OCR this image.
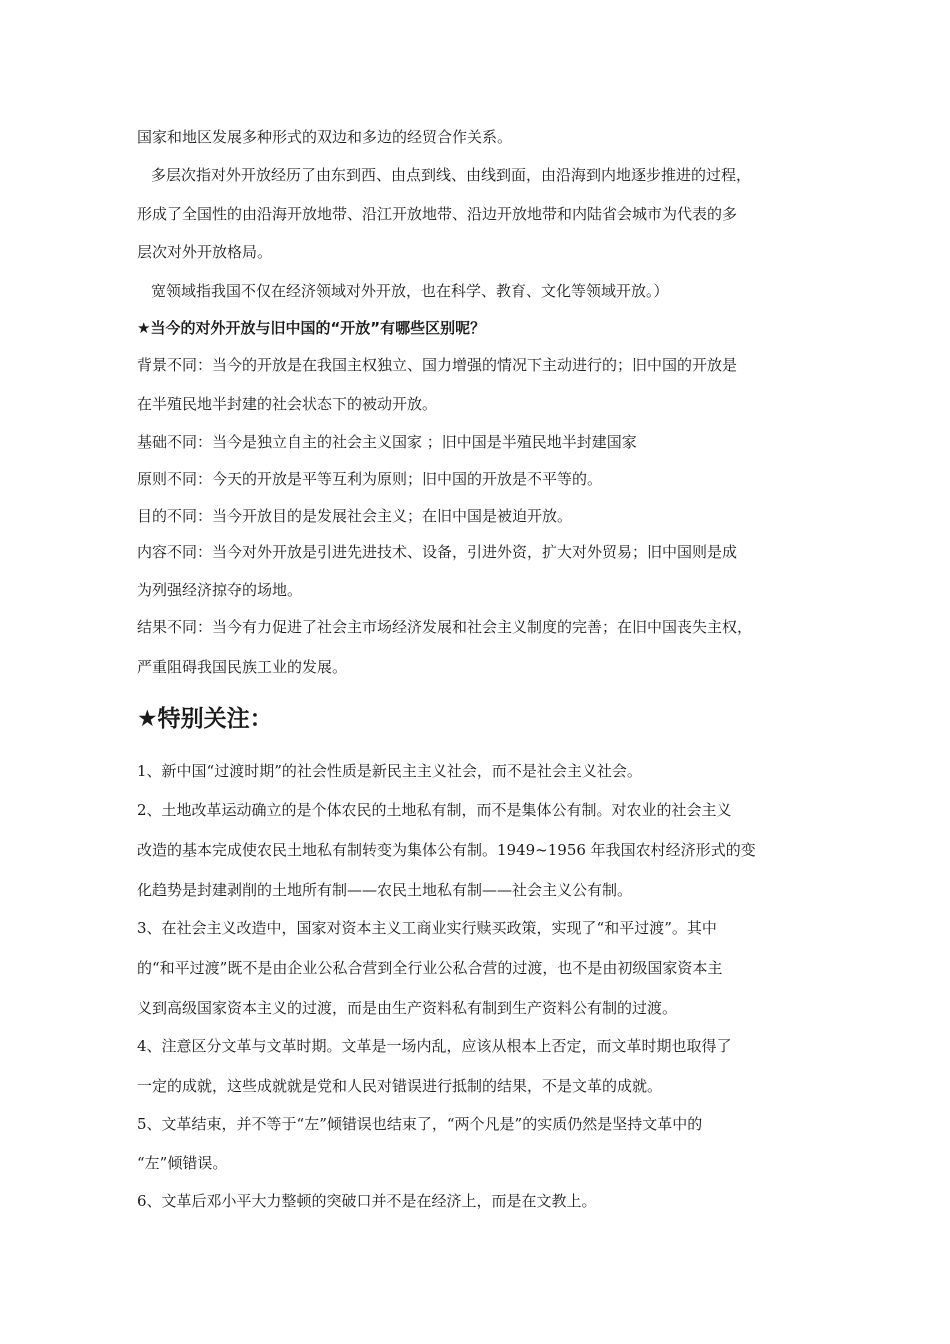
国家和地区发展多种形式的双边和多边的经贸合作关系。

多层次指对外开放经历了由东到西、由点到线、由线到面，由沿海到内地逐步推进的过程，

形成了全国性的由沿海开放地带、沿江开放地带、沿边开放地带和内陆省会城市为代表的多

层次对外开放格局。

宽领域指我国不仅在经济领域对外开放，也在科学、教育、文化等领域开放。）

★当今的对外开放与旧中国的“开放”有哪些区别呢？

背景不同：当今的开放是在我国主权独立、国力增强的情况下主动进行的；旧中国的开放是

在半殖民地半封建的社会状态下的被动开放。

基础不同：当今是独立自主的社会主义国家 ；旧中国是半殖民地半封建国家

原则不同：今天的开放是平等互利为原则；旧中国的开放是不平等的。

目的不同：当今开放目的是发展社会主义；在旧中国是被迫开放。

内容不同：当今对外开放是引进先进技术、设备，引进外资，扩大对外贸易；旧中国则是成

为列强经济掠夺的场地。

结果不同：当今有力促进了社会主市场经济发展和社会主义制度的完善；在旧中国丧失主权，

严重阻碍我国民族工业的发展。

★特别关注：

1、新中国“过渡时期”的社会性质是新民主主义社会，而不是社会主义社会。

2、土地改革运动确立的是个体农民的土地私有制，而不是集体公有制。对农业的社会主义

改造的基本完成使农民土地私有制转变为集体公有制。1949~1956 年我国农村经济形式的变

化趋势是封建剥削的土地所有制——农民土地私有制——社会主义公有制。

3、在社会主义改造中，国家对资本主义工商业实行赎买政策，实现了“和平过渡”。其中

的“和平过渡”既不是由企业公私合营到全行业公私合营的过渡，也不是由初级国家资本主

义到高级国家资本主义的过渡，而是由生产资料私有制到生产资料公有制的过渡。

4、注意区分文革与文革时期。文革是一场内乱，应该从根本上否定，而文革时期也取得了

一定的成就，这些成就就是党和人民对错误进行抵制的结果，不是文革的成就。

5、文革结束，并不等于“左”倾错误也结束了，“两个凡是”的实质仍然是坚持文革中的

“左”倾错误。

6、文革后邓小平大力整顿的突破口并不是在经济上，而是在文教上。
